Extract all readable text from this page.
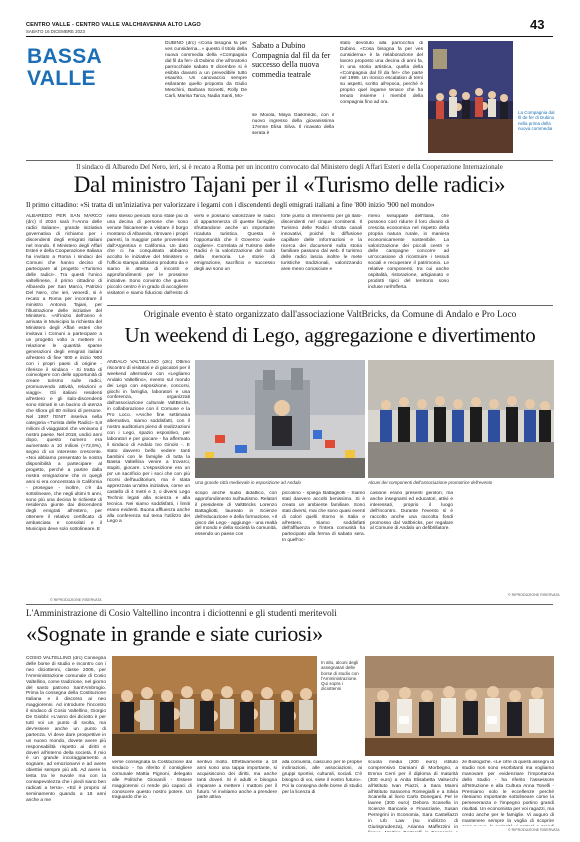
CENTRO VALLE - CENTRO VALLE VALCHIAVENNA ALTO LAGO
SABATO 16 DICEMBRE 2023	43
BASSA VALLE
DUBINO (drc) «Cosa bisogna fa per ves cunsiderna...» questo il titolo della nuova commedia della «Compagnia dal fil da fer» di Dubino che all'oratorio parrocchiale sabato 9 dicembre si è esibita davanti a un prevedibile tutto esaurito. Un canovaccio sempre esilarante quello proposto da Giulio Meschini, Barbara Scinetti, Rolly De Carli, Marisa Tarca, Nadia Santi, Mo-
Sabato a Dubino Compagnia dal fil da fer successo della nuova commedia teatrale
se Moiola, Maya Gaikmedic, con il nuovo ingresso della giovanissima 17enne Elisa Silva. Il ricavato della serata è
stato devoluto alla parrocchia di Dubino. «Cosa bisogna fa per ves cunsiderna» è la rielaborazione del lavoro proposto una decina di anni fa, in una storia artistica, quella della «Compagnia dal fil da fer» che parte nel 1999. Un ironico escalation di temi su aspetti, scritto all'epoca, perché è proprio quel legame tenace che ha tenuto insieme i membri della compagnia fino ad ora.
La Compagnia dal fil de fer di Dubino nella prima della nuova commedia
Il sindaco di Albaredo Del Nero, ieri, si è recato a Roma per un incontro convocato dal Ministero degli Affari Esteri e della Cooperazione Internazionale
Dal ministro Tajani per il «Turismo delle radici»
Il primo cittadino: «Si tratta di un'iniziativa per valorizzare i legami con i discendenti degli emigrati italiani a fine '800 inizio '900 nel mondo»
ALBAREDO PER SAN MARCO (drc) Il 2024 sarà l'«Anno delle radici italiane», grande iniziativa governativa di richiamo per i discendenti degli emigrati italiani nel mondo. Il Ministero degli Affari Esteri e della Cooperazione Italiana ha invitato a Roma i sindaci dei Comuni che hanno deciso di partecipare al progetto «Turismo delle radici». Tra questi l'unico valtellinese, il primo cittadino di Albaredo per San Marco, Patrizio Del Nero, che ieri, venerdì, si è recato a Roma per incontrare il ministro Antonio Tajani, per l'illustrazione delle iniziative del Ministero. «All'inizio dell'anno è arrivata in Municipio la richiesta del Ministero degli Affari esteri che invitava i Comuni a partecipare a un progetto volto a mettere in relazione le quantità sparse generazioni degli emigrati italiani all'estero di fine '800 e inizio '900 con i propri paesi di origine - riferisce il sindaco - Si tratta di coinvolgere con delle opportunità di creare turismo sulle radici, promuovendo attività, relazioni e viaggi». Gli italiani residenti all'estero e gli italo-discendenti sono stimati in un bacino di utenza che sfiora gli 80 milioni di persone. Nel 1997 l'ENIT inseriva nella categoria «Turista delle Radici» 5,8 milioni di viaggiatori che venivano il nostro paese. Nel 2018, undici anni dopo, questo numero era aumentato a 10 milioni (+72,5%), segno di un interesse crescente. «Noi abbiamo presentato la nostra disponibilità a partecipare al progetto, perché a partire dalla nostra emigrazione che in quegli anni si era concentrata in California - prosegue - inoltre, c'è da sottolineare, che negli ultimi 5 anni, sono più una decina le richieste di residenza giunte dai discendenti degli emigrati all'estero, per ottenere il relativo certificato di ambasciata e consolati e il Municipio deve solo sottolineare. E
nello stesso periodo sono state più di una decina di persone che sono venute fisicamente a visitare il borgo montano di Albaredo, ritrovare i propri parenti, la maggior parte provenienti dall'Argentina e California. Un dato che ci ha conquistato abbiamo accolto le iniziative del Ministero e l'ufficio stampa abbiamo prodotto da e siamo in attesa di incontri e approfondimenti per le prossime iniziative. Sono convinto che questo piccolo centro è in grado di accogliere visitatori e siamo fiduciosi dall'esito di
versi e possano valorizzare le radici di appartenenza di queste famiglie, sfruttandone anche un importante ricaduta turistica. Questa è l'opportunità che il Governo vuole cogliere». Correlata al Turismo delle Radici è la valorizzazione del ruolo della memoria. Le storie di emigrazione, sacrificio e successo degli avi sono un
forte punto di riferimento per gli italo-discendenti nel cinque continenti. Il Turismo delle Radici sfrutta canali innovativi, poiché lo diffusione capillare delle informazioni e la ricerca dei documenti sulla storia familiare passano dal web. Il turismo delle radici lascia inoltre le mete turistiche tradizionali, valorizzando aree meno conosciute e
meno sviluppate dell'Italia, che possono così ridurre il loro divario di crescita economica nel rispetto della propria natura rurale, in maniera economicamente sostenibile. La valorizzazione dei piccoli centri e delle campagne concorre ad un'occasione di ricostruire i tessuti sociali e recuperare il patrimonio. Le relative componenti, tra cui anche ospitalità, ristorazione, artigianato e prodotti tipici del territorio sono incluse nell'offerta.
Originale evento è stato organizzato dall'associazione ValtBricks, da Comune di Andalo e Pro Loco
Un weekend di Lego, aggregazione e divertimento
ANDALO VALTELLINO (drc) Ottimo riscontro di visitatori e di giocatori per il weekend alternativo con «Legliamo Andalo Valtellino», evento sul mondo dei Lego con esposizione, concorsi, giochi in famiglia, laboratori e una conferenza, organizzati dall'associazione culturale ValtBricks, in collaborazione con il Comune e la Pro Loco. «Anche fine settimana alternativo, siamo soddisfatti, con il nostro auditorium pieno di realizzazioni con i Lego, spazio espositivo, per laboratori e per giocare - ha affermato il sindaco di Andalo Ivo Ginolo -. E stato davvero bello vedere tanti bambini con le famiglie di tutta la Bassa Valtellina venire a trovarci, stupiti, giocare. L'esposizione era un po' un sacrificio per i soci che con più ricorsi dell'auditorium, ma è stata apprezzata un'altra iniziativa, come un castello di 4 metri e 3, o diversi Lego Technic legati alla scienza e alla tecnica. Nei siamo soddisfatti, i limiti erano evidenti. Buona affluenza anche alla conferenza sul tema l'utilizzo dei Lego a
Una grande città medievale in esposizione ad Andalo	Alcuni dei componenti dell'associazione promotrice dell'evento
scopo anche sudio didattico, con approfondimento sull'autismo. Relatori il presidente di ValtBricks Lorenzo Battagliotti, laureato in Scienze dell'educazione e della formazione, «Il gioco dei Lego - aggiunge - una realtà del mondo e della società la comunità, essendo un paese con
piccolino - spiega Battagliotti - Siamo stati davvero accolti benissimo. Si è creato un ambiente familiare. Sono stati diversi, mai che sono quasi eventi di colori quelli ritorno in Italia e all'estero. Siamo soddisfatti dell'affluenza e l'intera comunità ha partecipato alla ferma di sabato sera. In quell'oc-
casione erano presenti genitori, ma anche insegnanti ed educatori, attivi e interessati, proprio il luogo dell'incontro. Durante l'evento si è raccolto anche una raccolta fondi promosso dal Valtbricks, per regalare al Comune di Andalo un defibrillatore.
© RIPRODUZIONE RISERVATA
© RIPRODUZIONE RISERVATA
L'Amministrazione di Cosio Valtellino incontra i diciottenni e gli studenti meritevoli
«Sognate in grande e siate curiosi»
COSIO VALTELLINO (drc) Consegna delle borse di studio e incontro con i neo diciottenni, classe 2005, per l'Amministrazione comunale di Cosio Valtellino, come tradizione, nel giorno del santo patrono Sant'Ambrogio. Prima la consegna della Costituzione Italiana e il discorso ai neo maggiorenni. Ad introdurre l'incontro il sindaco di Cosio Valtellino, Giorgio De Giobbi: «L'anno dei diciotto è per tutti voi un punto di svolta, ma dev'essere anche un punto di partenza. Vi deve dare prospettive in un nuovo mondo, dovete avere più responsabilità rispetto ai diritti e doveri all'interno della società. Il mio è un grande incoraggiamento a sognare, ad emozionarvi e ad avere obiettivi sempre più alti. Ad avere la testa tra le nuvole ma con la consapevolezza che i piedi siano ben radicati a terra». «Ed è proprio al seminamento quando a 18 anni anche a me
In alto, alcuni degli assegnatari delle borse di studio con l'Amministrazione. Qui sopra i diciottenni
veme consegnata la Costituzione dal sindaco - ha riferito il consigliere comunale Mattia Pignoni, delegato alle Politiche Giovanili - Essere maggiorenni ci rende più capaci di conoscere questo nostro potere. Un traguardo che io
sentivo molto. Effettivamente a 18 anni sono una tappa importante, si acquisiscono dei diritti, ma anche tanti doveri. Si è adulti e bisogna imparare a mettere i mattoni per il futuro. Vi invitiamo anche a prendere parte attiva
alla comunità, ciascuno per le proprie inclinazioni, alle associazioni, ai gruppi sportivi, culturali, sociali. C'è bisogno di voi, siete il nostro futuro». Poi la consegna delle borse di studio per la licenza di
scuola media (200 euro) istituto comprensivo Damiani di Morbegno, a Emma Cerri per il diploma di maturità (300 euro) a Anita Elisabetta Valsecchi all'istituto Ivan Piazzi, a Sara Manni all'istituto Saraceno Romegialli e a Silvia Scanella al liceo Carlo Donegani. Per le lauree (300 euro) Debora Scanella in Scienze Bancarie e Finanziarie, Susan Perregrini in Economia, Sara Castellazzi in LIb Law (su indirizzo di Giurisprudenza), Arianna Maffezzini in
ze Biologiche. «Le cifre di questi assegni di studio non sono esorbitanti ma vogliamo manovare per evidenziare l'importanza dello studio - ha riferito l'assessore all'Istruzione e alla Cultura Anna Tonelli - Premiamo solo le eccellenze perché riteniamo importante sottolineare come la perseveranza e l'impegno portino grandi risultati. Un economista per voi ragazzi, ma credo anche per le famiglie. Vi auguro di mantenere sempre la voglia di scoprire
© RIPRODUZIONE RISERVATA
